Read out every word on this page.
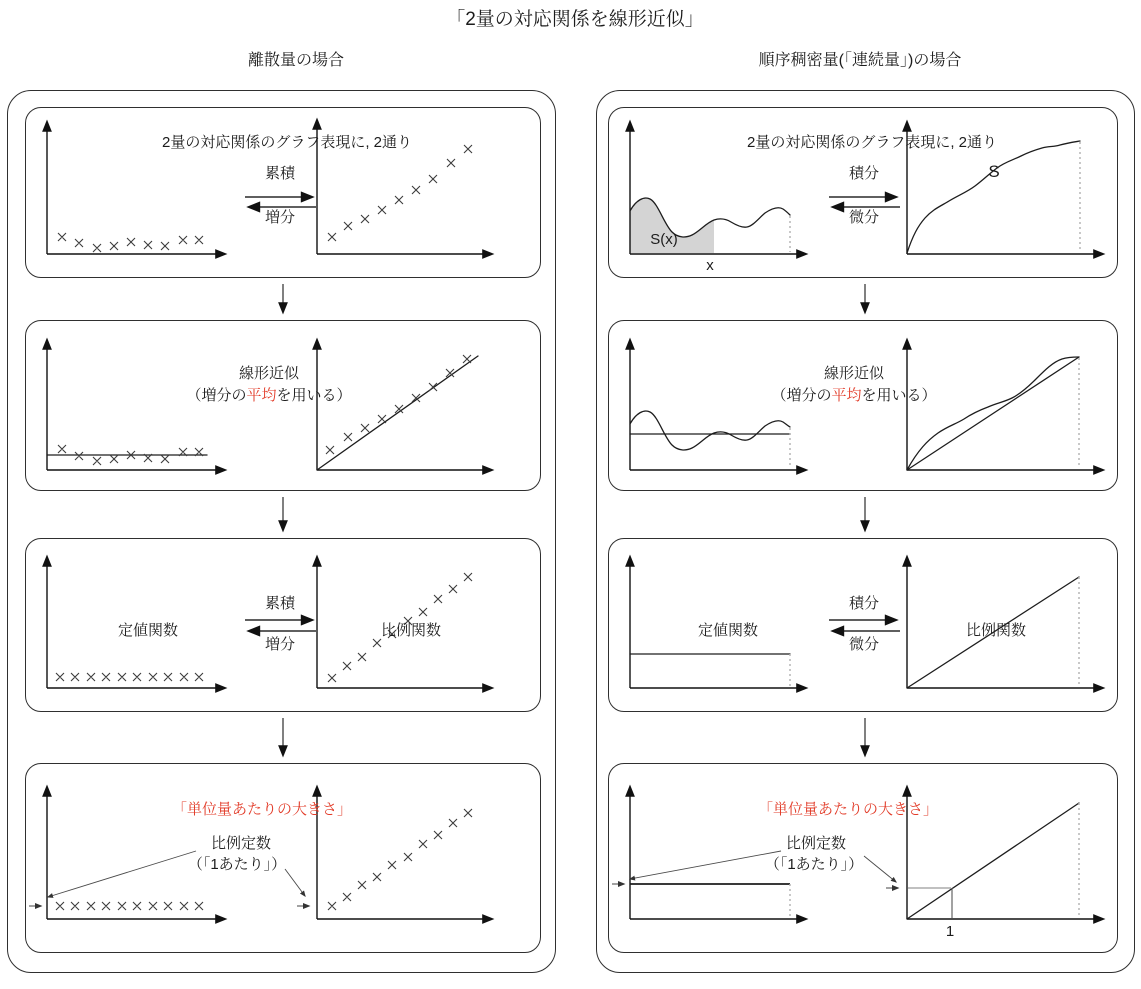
「2量の対応関係を線形近似」
離散量の場合	順序稠密量(「連続量」)の場合
2量の対応関係のグラフ表現に, 2通り
累積
増分
2量の対応関係のグラフ表現に, 2通り
積分
微分
S(x)
x
S
線形近似
（増分の平均を用いる）
線形近似
（増分の平均を用いる）
定値関数	比例関数
累積
増分
定値関数	比例関数
積分
微分
「単位量あたりの大きさ」
比例定数
（「1あたり」）
「単位量あたりの大きさ」
比例定数
（「1あたり」）
1
